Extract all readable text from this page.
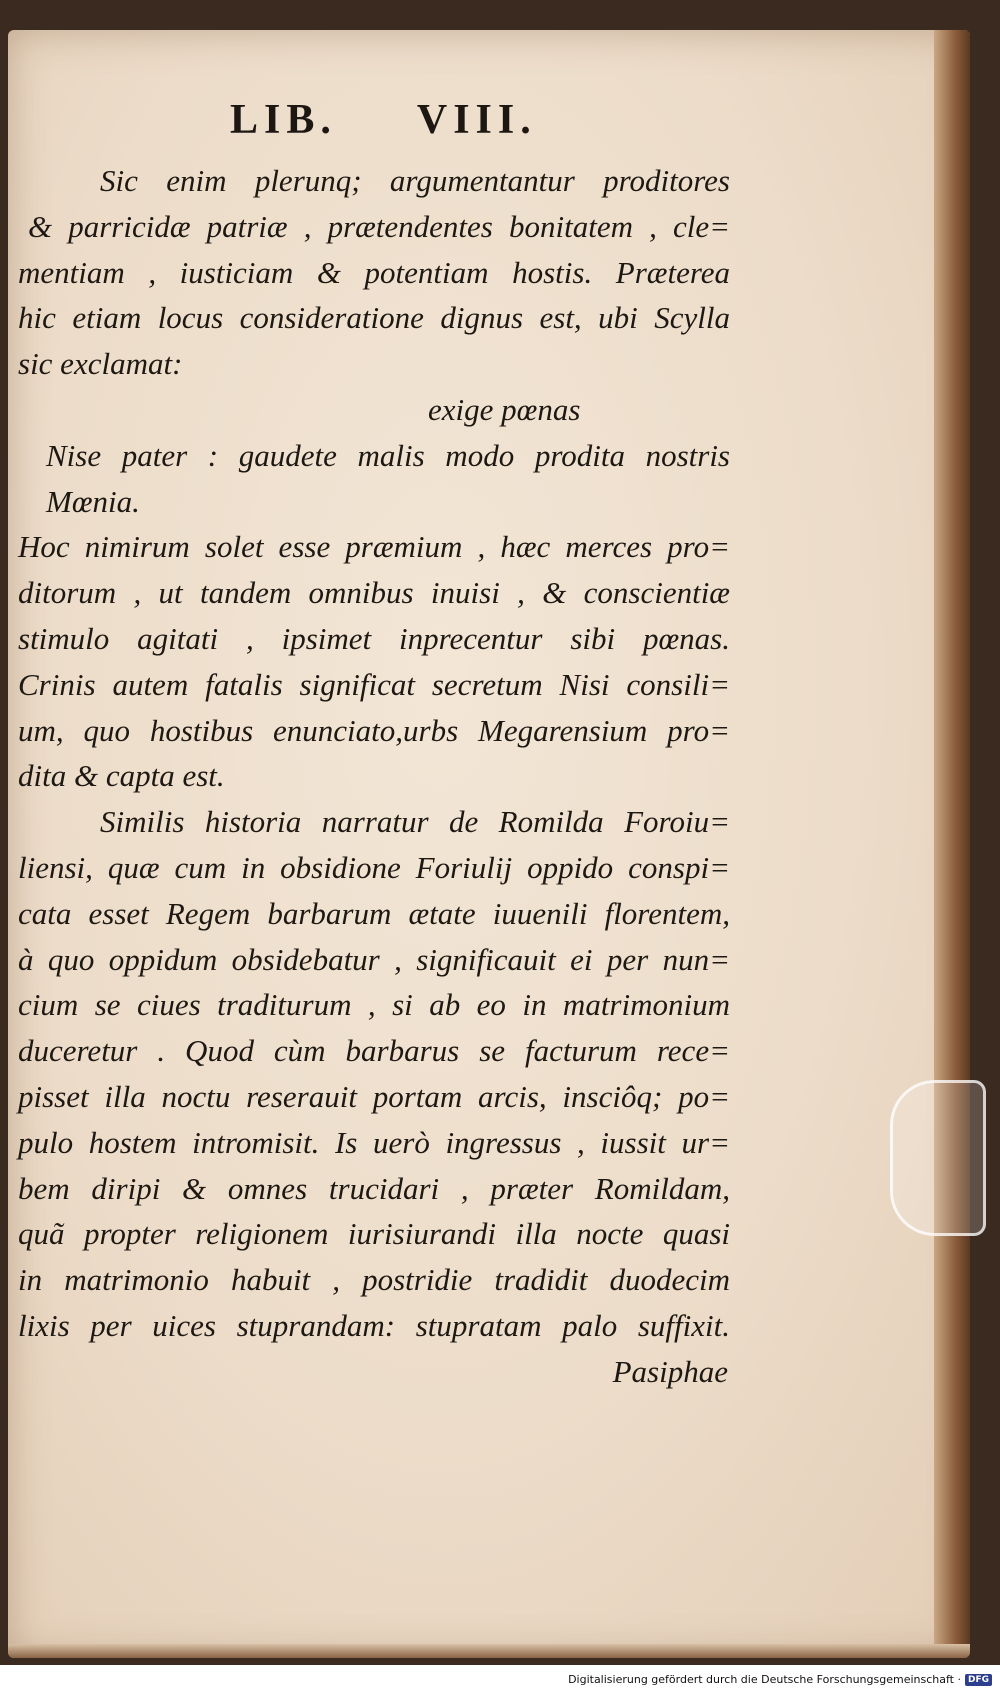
LIB. VIII.
Sic enim plerunq; argumentantur proditores
& parricidæ patriæ , prætendentes bonitatem , cle=
mentiam , iusticiam & potentiam hostis. Præterea
hic etiam locus consideratione dignus est, ubi Scylla
sic exclamat:
exige pœnas
Nise pater : gaudete malis modo prodita nostris
Mœnia.
Hoc nimirum solet esse præmium , hæc merces pro=
ditorum , ut tandem omnibus inuisi , & conscientiæ
stimulo agitati , ipsimet inprecentur sibi pœnas.
Crinis autem fatalis significat secretum Nisi consili=
um, quo hostibus enunciato,urbs Megarensium pro=
dita & capta est.
Similis historia narratur de Romilda Foroiu=
liensi, quæ cum in obsidione Foriulij oppido conspi=
cata esset Regem barbarum ætate iuuenili florentem,
à quo oppidum obsidebatur , significauit ei per nun=
cium se ciues traditurum , si ab eo in matrimonium
duceretur . Quod cùm barbarus se facturum rece=
pisset illa noctu reserauit portam arcis, insciôq; po=
pulo hostem intromisit. Is uerò ingressus , iussit ur=
bem diripi & omnes trucidari , præter Romildam,
quã propter religionem iurisiurandi illa nocte quasi
in matrimonio habuit , postridie tradidit duodecim
lixis per uices stuprandam: stupratam palo suffixit.
Pasiphae
Digitalisierung gefördert durch die Deutsche Forschungsgemeinschaft · DFG
